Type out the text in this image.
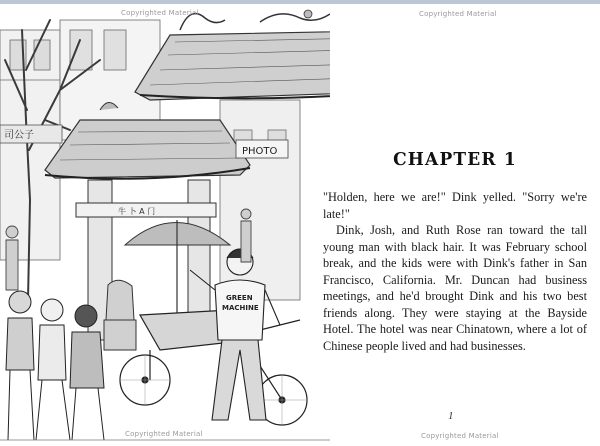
司公子
牛 卜 A 门
PHOTO
GREEN
MACHINE
Copyrighted Material	Copyrighted Material
Copyrighted Material	Copyrighted Material
CHAPTER 1

"Holden, here we are!" Dink yelled. "Sorry we're late!"

Dink, Josh, and Ruth Rose ran toward the tall young man with black hair. It was February school break, and the kids were with Dink's father in San Francisco, California. Mr. Duncan had business meetings, and he'd brought Dink and his two best friends along. They were staying at the Bayside Hotel. The hotel was near Chinatown, where a lot of Chinese people lived and had businesses.

1
